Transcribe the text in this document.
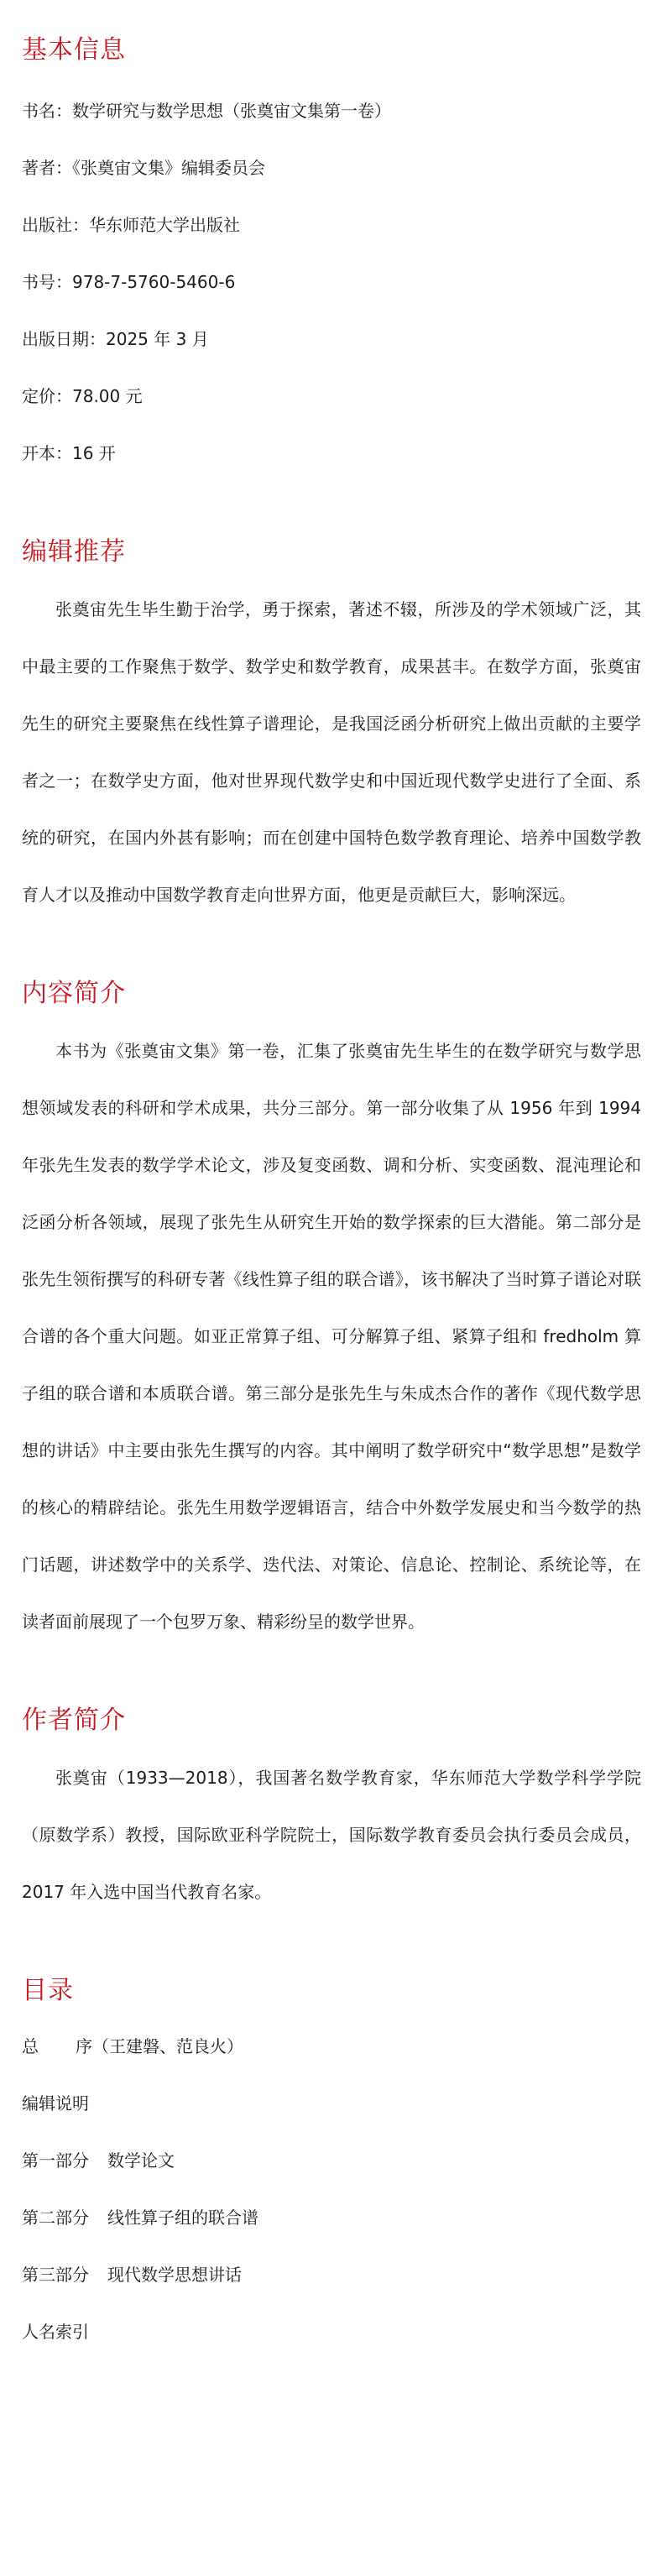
基本信息

书名：数学研究与数学思想（张奠宙文集第一卷）

著者：《张奠宙文集》编辑委员会

出版社：华东师范大学出版社

书号：978-7-5760-5460-6

出版日期：2025 年 3 月

定价：78.00 元

开本：16 开

编辑推荐

张奠宙先生毕生勤于治学，勇于探索，著述不辍，所涉及的学术领域广泛，其中最主要的工作聚焦于数学、数学史和数学教育，成果甚丰。在数学方面，张奠宙先生的研究主要聚焦在线性算子谱理论，是我国泛函分析研究上做出贡献的主要学者之一；在数学史方面，他对世界现代数学史和中国近现代数学史进行了全面、系统的研究，在国内外甚有影响；而在创建中国特色数学教育理论、培养中国数学教育人才以及推动中国数学教育走向世界方面，他更是贡献巨大，影响深远。

内容简介

本书为《张奠宙文集》第一卷，汇集了张奠宙先生毕生的在数学研究与数学思想领域发表的科研和学术成果，共分三部分。第一部分收集了从 1956 年到 1994 年张先生发表的数学学术论文，涉及复变函数、调和分析、实变函数、混沌理论和泛函分析各领域，展现了张先生从研究生开始的数学探索的巨大潜能。第二部分是张先生领衔撰写的科研专著《线性算子组的联合谱》，该书解决了当时算子谱论对联合谱的各个重大问题。如亚正常算子组、可分解算子组、紧算子组和 fredholm 算子组的联合谱和本质联合谱。第三部分是张先生与朱成杰合作的著作《现代数学思想的讲话》中主要由张先生撰写的内容。其中阐明了数学研究中“数学思想”是数学的核心的精辟结论。张先生用数学逻辑语言，结合中外数学发展史和当今数学的热门话题，讲述数学中的关系学、迭代法、对策论、信息论、控制论、系统论等，在读者面前展现了一个包罗万象、精彩纷呈的数学世界。

作者简介

张奠宙（1933—2018），我国著名数学教育家，华东师范大学数学科学学院（原数学系）教授，国际欧亚科学院院士，国际数学教育委员会执行委员会成员，2017 年入选中国当代教育名家。

目录

总 序（王建磐、范良火）

编辑说明

第一部分 数学论文

第二部分 线性算子组的联合谱

第三部分 现代数学思想讲话

人名索引
